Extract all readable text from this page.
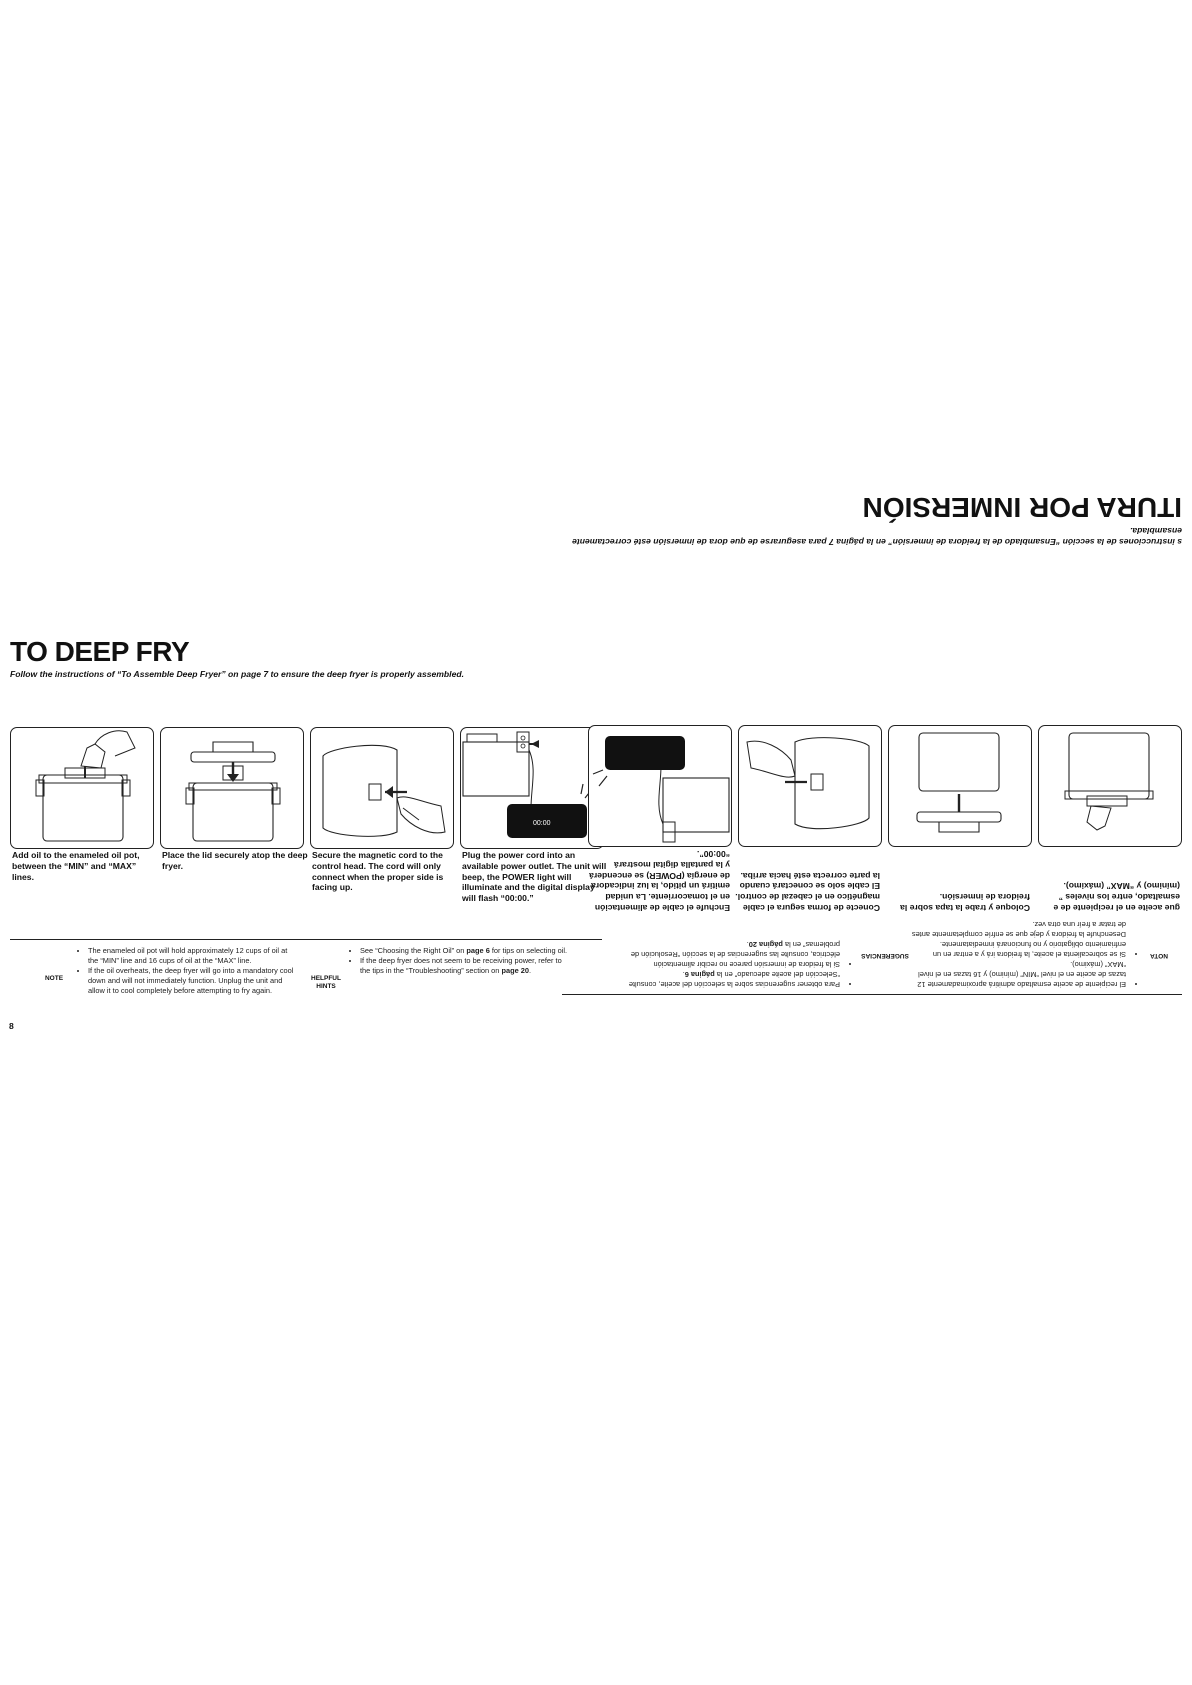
TO DEEP FRY

Follow the instructions of “To Assemble Deep Fryer” on page 7 to ensure the deep fryer is properly assembled.

Add oil to the enameled oil pot, between the “MIN” and “MAX” lines.

Place the lid securely atop the deep fryer.

Secure the magnetic cord to the control head. The cord will only connect when the proper side is facing up.

00:00

Plug the power cord into an available power outlet. The unit will beep, the POWER light will illuminate and the digital display will flash “00:00.”

NOTE
• The enameled oil pot will hold approximately 12 cups of oil at the “MIN” line and 16 cups of oil at the “MAX” line.
• If the oil overheats, the deep fryer will go into a mandatory cool down and will not immediately function. Unplug the unit and allow it to cool completely before attempting to fry again.
HELPFUL
HINTS
• See “Choosing the Right Oil” on page 6 for tips on selecting oil.
• If the deep fryer does not seem to be receiving power, refer to the tips in the “Troubleshooting” section on page 20.
8
NOTA
• El recipiente de aceite esmaltado admitirá aproximadamente 12 tazas de aceite en el nivel “MIN” (mínimo) y 16 tazas en el nivel “MAX” (máximo).
• Si se sobrecalienta el aceite, la freidora irá y a entrar en un enfriamiento obligatorio y no funcionará inmediatamente. Desenchufe la freidora y deje que se enfríe completamente antes de tratar a freír una otra vez.
SUGERENCIAS
• Para obtener sugerencias sobre la selección del aceite, consulte “Selección del aceite adecuado” en la página 6.
• Si la freidora de inmersión parece no recibir alimentación eléctrica, consulte las sugerencias de la sección “Resolución de problemas” en la página 20.

gue aceite en el recipiente de e esmaltado, entre los niveles ” (mínimo) y “MAX” (máximo).

Coloque y trabe la tapa sobre la freidora de inmersión.

Conecte de forma segura el cable magnético en el cabezal de control. El cable solo se conectará cuando la parte correcta esté hacia arriba.

Enchufe el cable de alimentación en el tomacorriente. La unidad emitirá un pitido, la luz indicadora de energía (POWER) se encenderá y la pantalla digital mostrará “00:00”.

s instrucciones de la sección “Ensamblado de la freidora de inmersión” en la página 7 para asegurarse de que dora de inmersión esté correctamente ensamblada.

ITURA POR INMERSIÓN
